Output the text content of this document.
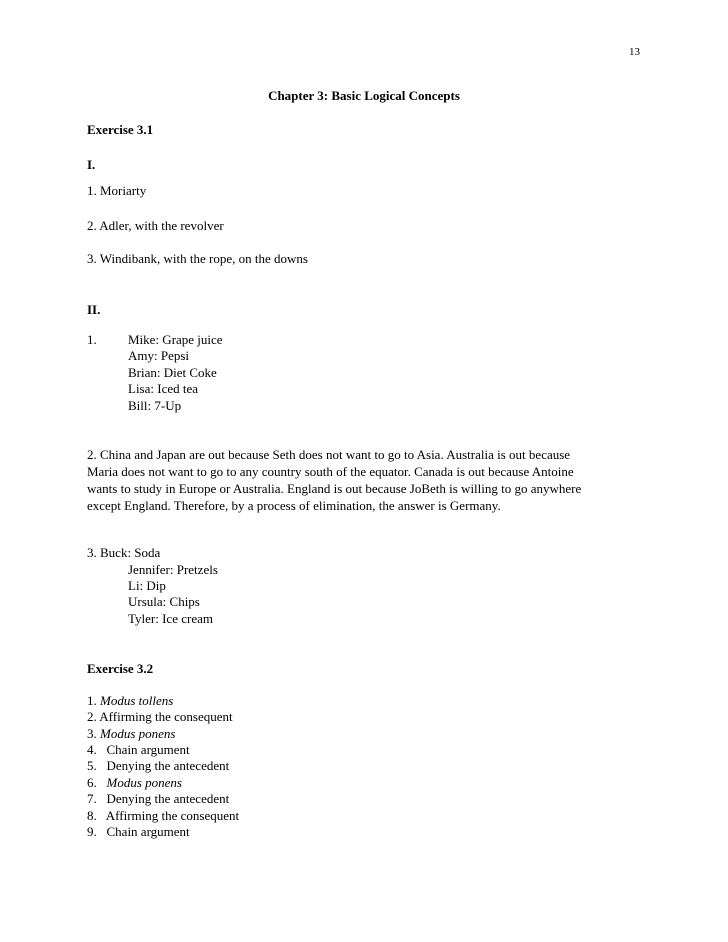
13
Chapter 3: Basic Logical Concepts
Exercise 3.1
I.
1. Moriarty
2. Adler, with the revolver
3. Windibank, with the rope, on the downs
II.
1. Mike: Grape juice
Amy: Pepsi
Brian: Diet Coke
Lisa: Iced tea
Bill: 7-Up
2. China and Japan are out because Seth does not want to go to Asia. Australia is out because
Maria does not want to go to any country south of the equator. Canada is out because Antoine
wants to study in Europe or Australia. England is out because JoBeth is willing to go anywhere
except England. Therefore, by a process of elimination, the answer is Germany.
3. Buck: Soda
Jennifer: Pretzels
Li: Dip
Ursula: Chips
Tyler: Ice cream
Exercise 3.2
1. Modus tollens
2. Affirming the consequent
3. Modus ponens
4.   Chain argument
5.   Denying the antecedent
6.   Modus ponens
7.   Denying the antecedent
8.   Affirming the consequent
9.   Chain argument
